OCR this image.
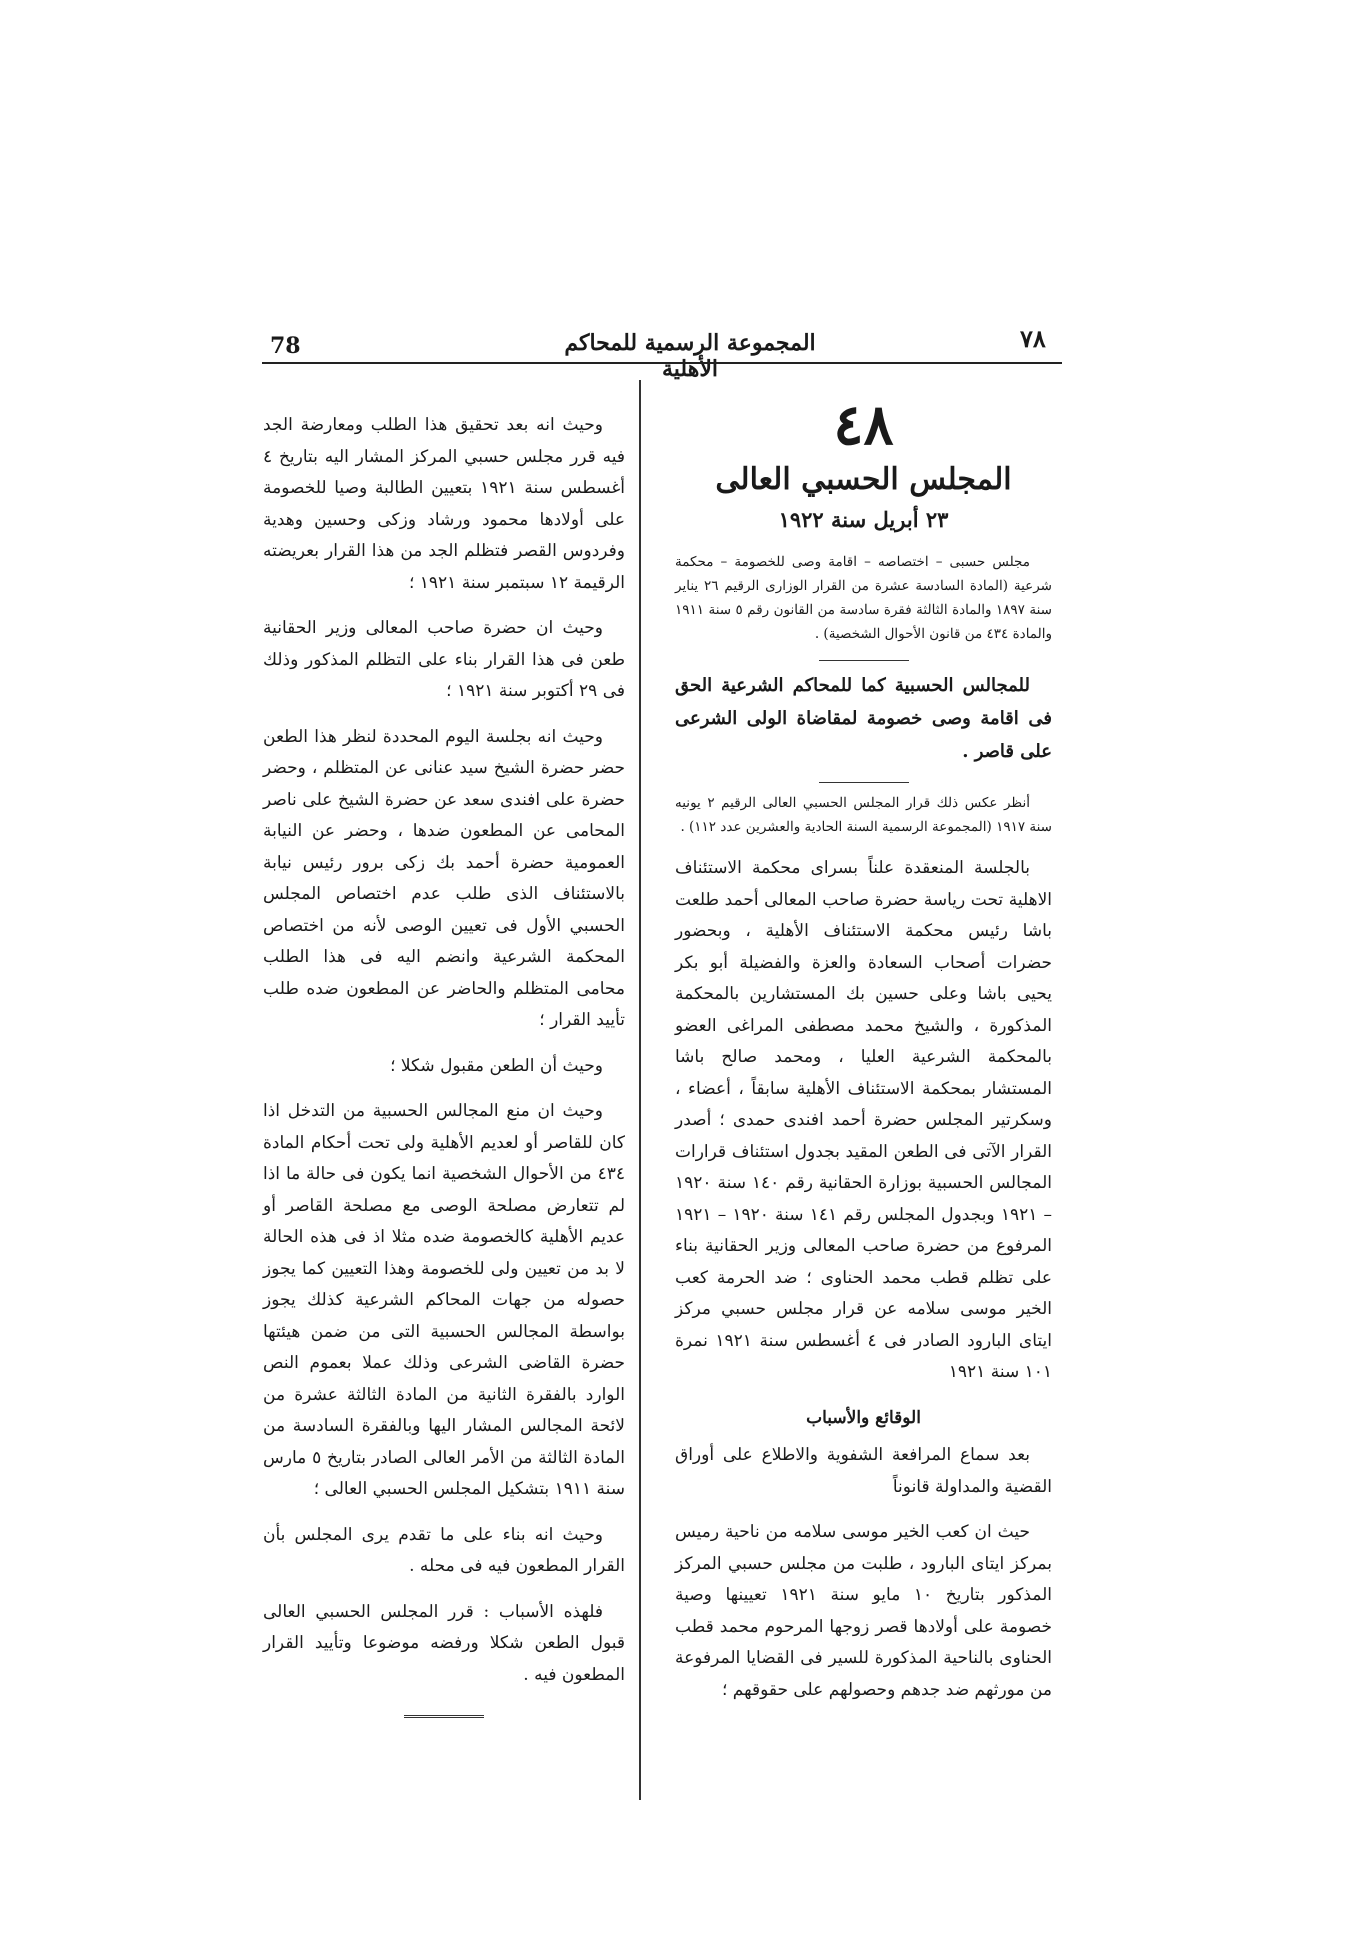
78	المجموعة الرسمية للمحاكم الأهلية
٧٨
٤٨
المجلس الحسبي العالى
٢٣ أبريل سنة ١٩٢٢

مجلس حسبى – اختصاصه – اقامة وصى للخصومة – محكمة شرعية (المادة السادسة عشرة من القرار الوزارى الرقيم ٢٦ يناير سنة ١٨٩٧ والمادة الثالثة فقرة سادسة من القانون رقم ٥ سنة ١٩١١ والمادة ٤٣٤ من قانون الأحوال الشخصية) .

للمجالس الحسبية كما للمحاكم الشرعية الحق فى اقامة وصى خصومة لمقاضاة الولى الشرعى على قاصر .

أنظر عكس ذلك قرار المجلس الحسبي العالى الرقيم ٢ يونيه سنة ١٩١٧ (المجموعة الرسمية السنة الحادية والعشرين عدد ١١٢) .

بالجلسة المنعقدة علناً بسراى محكمة الاستئناف الاهلية تحت رياسة حضرة صاحب المعالى أحمد طلعت باشا رئيس محكمة الاستئناف الأهلية ، وبحضور حضرات أصحاب السعادة والعزة والفضيلة أبو بكر يحيى باشا وعلى حسين بك المستشارين بالمحكمة المذكورة ، والشيخ محمد مصطفى المراغى العضو بالمحكمة الشرعية العليا ، ومحمد صالح باشا المستشار بمحكمة الاستئناف الأهلية سابقاً ، أعضاء ، وسكرتير المجلس حضرة أحمد افندى حمدى ؛ أصدر القرار الآتى فى الطعن المقيد بجدول استئناف قرارات المجالس الحسبية بوزارة الحقانية رقم ١٤٠ سنة ١٩٢٠ – ١٩٢١ وبجدول المجلس رقم ١٤١ سنة ١٩٢٠ – ١٩٢١ المرفوع من حضرة صاحب المعالى وزير الحقانية بناء على تظلم قطب محمد الحناوى ؛ ضد الحرمة كعب الخير موسى سلامه عن قرار مجلس حسبي مركز ايتاى البارود الصادر فى ٤ أغسطس سنة ١٩٢١ نمرة ١٠١ سنة ١٩٢١

الوقائع والأسباب

بعد سماع المرافعة الشفوية والاطلاع على أوراق القضية والمداولة قانوناً

حيث ان كعب الخير موسى سلامه من ناحية رميس بمركز ايتاى البارود ، طلبت من مجلس حسبي المركز المذكور بتاريخ ١٠ مايو سنة ١٩٢١ تعيينها وصية خصومة على أولادها قصر زوجها المرحوم محمد قطب الحناوى بالناحية المذكورة للسير فى القضايا المرفوعة من مورثهم ضد جدهم وحصولهم على حقوقهم ؛

وحيث انه بعد تحقيق هذا الطلب ومعارضة الجد فيه قرر مجلس حسبي المركز المشار اليه بتاريخ ٤ أغسطس سنة ١٩٢١ بتعيين الطالبة وصيا للخصومة على أولادها محمود ورشاد وزكى وحسين وهدية وفردوس القصر فتظلم الجد من هذا القرار بعريضته الرقيمة ١٢ سبتمبر سنة ١٩٢١ ؛

وحيث ان حضرة صاحب المعالى وزير الحقانية طعن فى هذا القرار بناء على التظلم المذكور وذلك فى ٢٩ أكتوبر سنة ١٩٢١ ؛

وحيث انه بجلسة اليوم المحددة لنظر هذا الطعن حضر حضرة الشيخ سيد عنانى عن المتظلم ، وحضر حضرة على افندى سعد عن حضرة الشيخ على ناصر المحامى عن المطعون ضدها ، وحضر عن النيابة العمومية حضرة أحمد بك زكى برور رئيس نيابة بالاستئناف الذى طلب عدم اختصاص المجلس الحسبي الأول فى تعيين الوصى لأنه من اختصاص المحكمة الشرعية وانضم اليه فى هذا الطلب محامى المتظلم والحاضر عن المطعون ضده طلب تأييد القرار ؛

وحيث أن الطعن مقبول شكلا ؛

وحيث ان منع المجالس الحسبية من التدخل اذا كان للقاصر أو لعديم الأهلية ولى تحت أحكام المادة ٤٣٤ من الأحوال الشخصية انما يكون فى حالة ما اذا لم تتعارض مصلحة الوصى مع مصلحة القاصر أو عديم الأهلية كالخصومة ضده مثلا اذ فى هذه الحالة لا بد من تعيين ولى للخصومة وهذا التعيين كما يجوز حصوله من جهات المحاكم الشرعية كذلك يجوز بواسطة المجالس الحسبية التى من ضمن هيئتها حضرة القاضى الشرعى وذلك عملا بعموم النص الوارد بالفقرة الثانية من المادة الثالثة عشرة من لائحة المجالس المشار اليها وبالفقرة السادسة من المادة الثالثة من الأمر العالى الصادر بتاريخ ٥ مارس سنة ١٩١١ بتشكيل المجلس الحسبي العالى ؛

وحيث انه بناء على ما تقدم يرى المجلس بأن القرار المطعون فيه فى محله .

فلهذه الأسباب : قرر المجلس الحسبي العالى قبول الطعن شكلا ورفضه موضوعا وتأييد القرار المطعون فيه .
